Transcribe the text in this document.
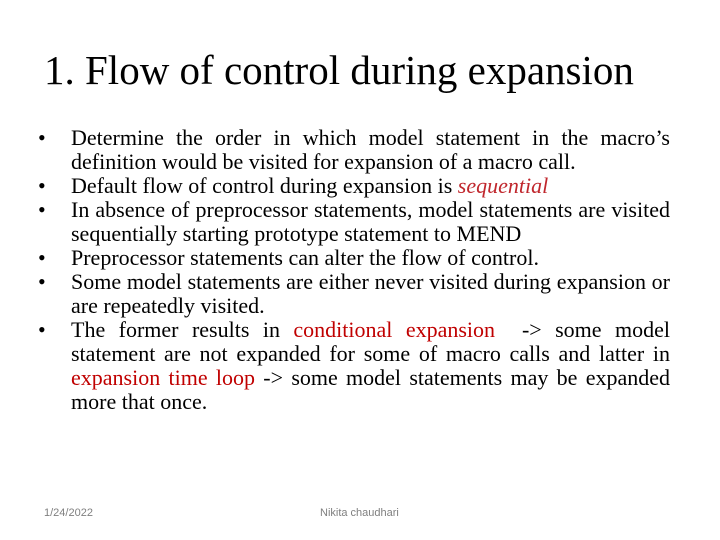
1. Flow of control during expansion
•	Determine the order in which model statement in the macro’s definition would be visited for expansion of a macro call.
•	Default flow of control during expansion is sequential
•	In absence of preprocessor statements, model statements are visited sequentially starting prototype statement to MEND
•	Preprocessor statements can alter the flow of control.
•	Some model statements are either never visited during expansion or are repeatedly visited.
•	The former results in conditional expansion  -> some model statement are not expanded for some of macro calls and latter in expansion time loop -> some model statements may be expanded more that once.
1/24/2022	Nikita chaudhari
